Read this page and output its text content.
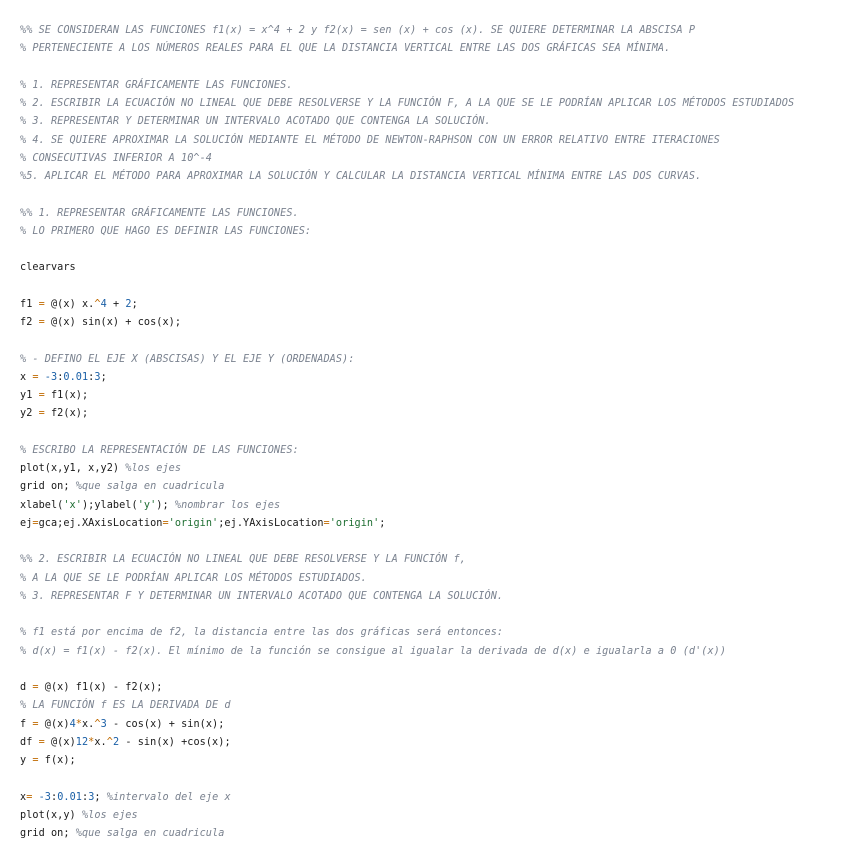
%% SE CONSIDERAN LAS FUNCIONES f1(x) = x^4 + 2 y f2(x) = sen (x) + cos (x). SE QUIERE DETERMINAR LA ABSCISA P
% PERTENECIENTE A LOS NÚMEROS REALES PARA EL QUE LA DISTANCIA VERTICAL ENTRE LAS DOS GRÁFICAS SEA MÍNIMA.

% 1. REPRESENTAR GRÁFICAMENTE LAS FUNCIONES.
% 2. ESCRIBIR LA ECUACIÓN NO LINEAL QUE DEBE RESOLVERSE Y LA FUNCIÓN F, A LA QUE SE LE PODRÍAN APLICAR LOS MÉTODOS ESTUDIADOS
% 3. REPRESENTAR Y DETERMINAR UN INTERVALO ACOTADO QUE CONTENGA LA SOLUCIÓN.
% 4. SE QUIERE APROXIMAR LA SOLUCIÓN MEDIANTE EL MÉTODO DE NEWTON-RAPHSON CON UN ERROR RELATIVO ENTRE ITERACIONES
% CONSECUTIVAS INFERIOR A 10^-4
%5. APLICAR EL MÉTODO PARA APROXIMAR LA SOLUCIÓN Y CALCULAR LA DISTANCIA VERTICAL MÍNIMA ENTRE LAS DOS CURVAS.

%% 1. REPRESENTAR GRÁFICAMENTE LAS FUNCIONES.
% LO PRIMERO QUE HAGO ES DEFINIR LAS FUNCIONES:

clearvars

f1 = @(x) x.^4 + 2;
f2 = @(x) sin(x) + cos(x);

% - DEFINO EL EJE X (ABSCISAS) Y EL EJE Y (ORDENADAS):
x = -3:0.01:3;
y1 = f1(x);
y2 = f2(x);

% ESCRIBO LA REPRESENTACIÓN DE LAS FUNCIONES:
plot(x,y1, x,y2) %los ejes
grid on; %que salga en cuadricula
xlabel('x');ylabel('y'); %nombrar los ejes
ej=gca;ej.XAxisLocation='origin';ej.YAxisLocation='origin';

%% 2. ESCRIBIR LA ECUACIÓN NO LINEAL QUE DEBE RESOLVERSE Y LA FUNCIÓN f,
% A LA QUE SE LE PODRÍAN APLICAR LOS MÉTODOS ESTUDIADOS.
% 3. REPRESENTAR F Y DETERMINAR UN INTERVALO ACOTADO QUE CONTENGA LA SOLUCIÓN.

% f1 está por encima de f2, la distancia entre las dos gráficas será entonces:
% d(x) = f1(x) - f2(x). El mínimo de la función se consigue al igualar la derivada de d(x) e igualarla a 0 (d'(x))

d = @(x) f1(x) - f2(x);
% LA FUNCIÓN f ES LA DERIVADA DE d
f = @(x)4*x.^3 - cos(x) + sin(x);
df = @(x)12*x.^2 - sin(x) +cos(x);
y = f(x);

x= -3:0.01:3; %intervalo del eje x
plot(x,y) %los ejes
grid on; %que salga en cuadricula
